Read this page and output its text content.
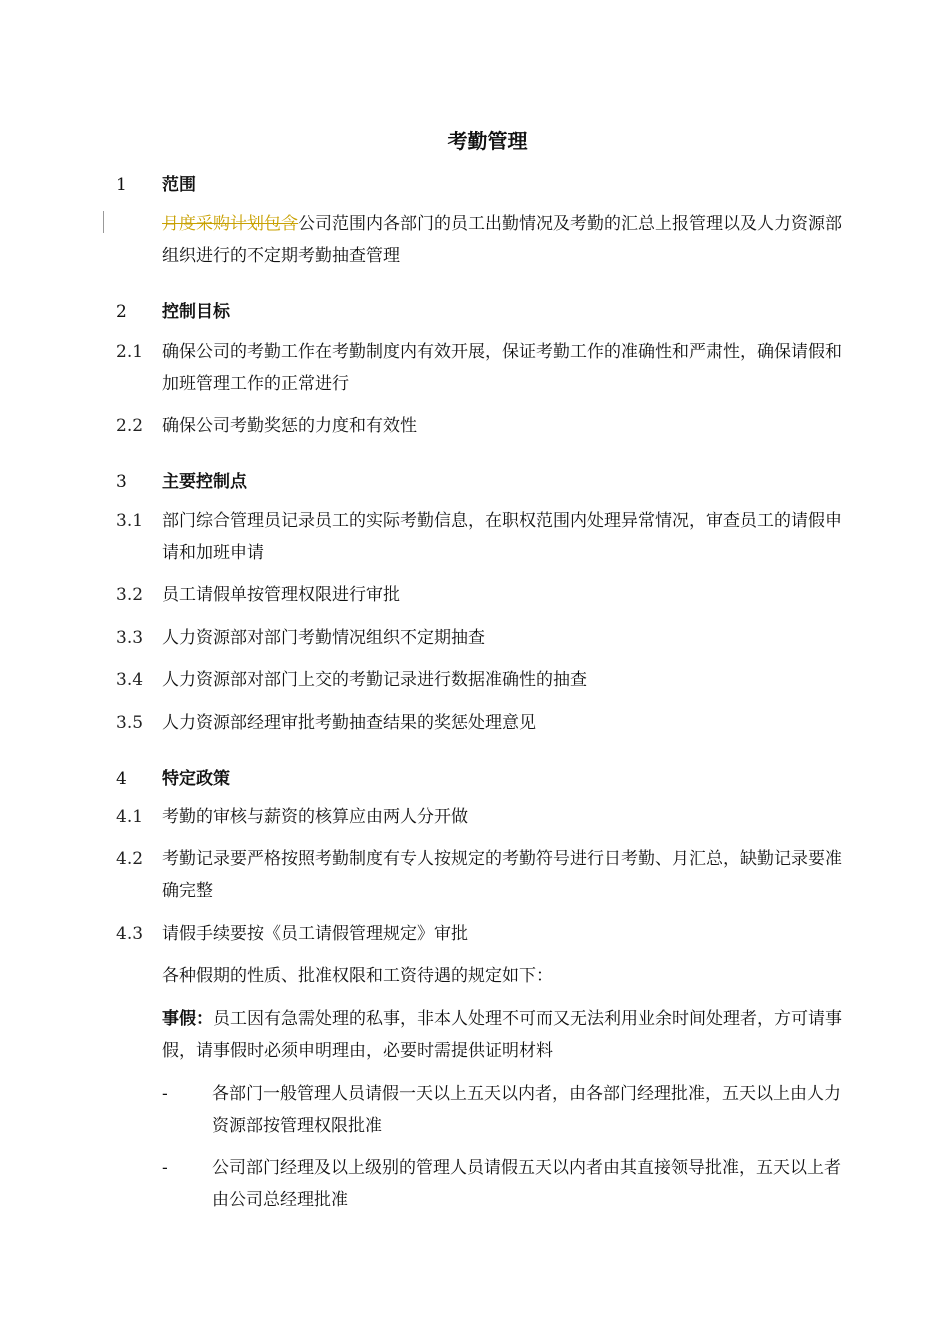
考勤管理
1 范围
月度采购计划包含公司范围内各部门的员工出勤情况及考勤的汇总上报管理以及人力资源部组织进行的不定期考勤抽查管理
2 控制目标
2.1	确保公司的考勤工作在考勤制度内有效开展，保证考勤工作的准确性和严肃性，确保请假和加班管理工作的正常进行
2.2	确保公司考勤奖惩的力度和有效性
3 主要控制点
3.1	部门综合管理员记录员工的实际考勤信息，在职权范围内处理异常情况，审查员工的请假申请和加班申请
3.2	员工请假单按管理权限进行审批
3.3	人力资源部对部门考勤情况组织不定期抽查
3.4	人力资源部对部门上交的考勤记录进行数据准确性的抽查
3.5	人力资源部经理审批考勤抽查结果的奖惩处理意见
4 特定政策
4.1	考勤的审核与薪资的核算应由两人分开做
4.2	考勤记录要严格按照考勤制度有专人按规定的考勤符号进行日考勤、月汇总，缺勤记录要准确完整
4.3	请假手续要按《员工请假管理规定》审批
各种假期的性质、批准权限和工资待遇的规定如下：
事假：员工因有急需处理的私事，非本人处理不可而又无法利用业余时间处理者，方可请事假，请事假时必须申明理由，必要时需提供证明材料
-	各部门一般管理人员请假一天以上五天以内者，由各部门经理批准，五天以上由人力资源部按管理权限批准
-	公司部门经理及以上级别的管理人员请假五天以内者由其直接领导批准，五天以上者由公司总经理批准
